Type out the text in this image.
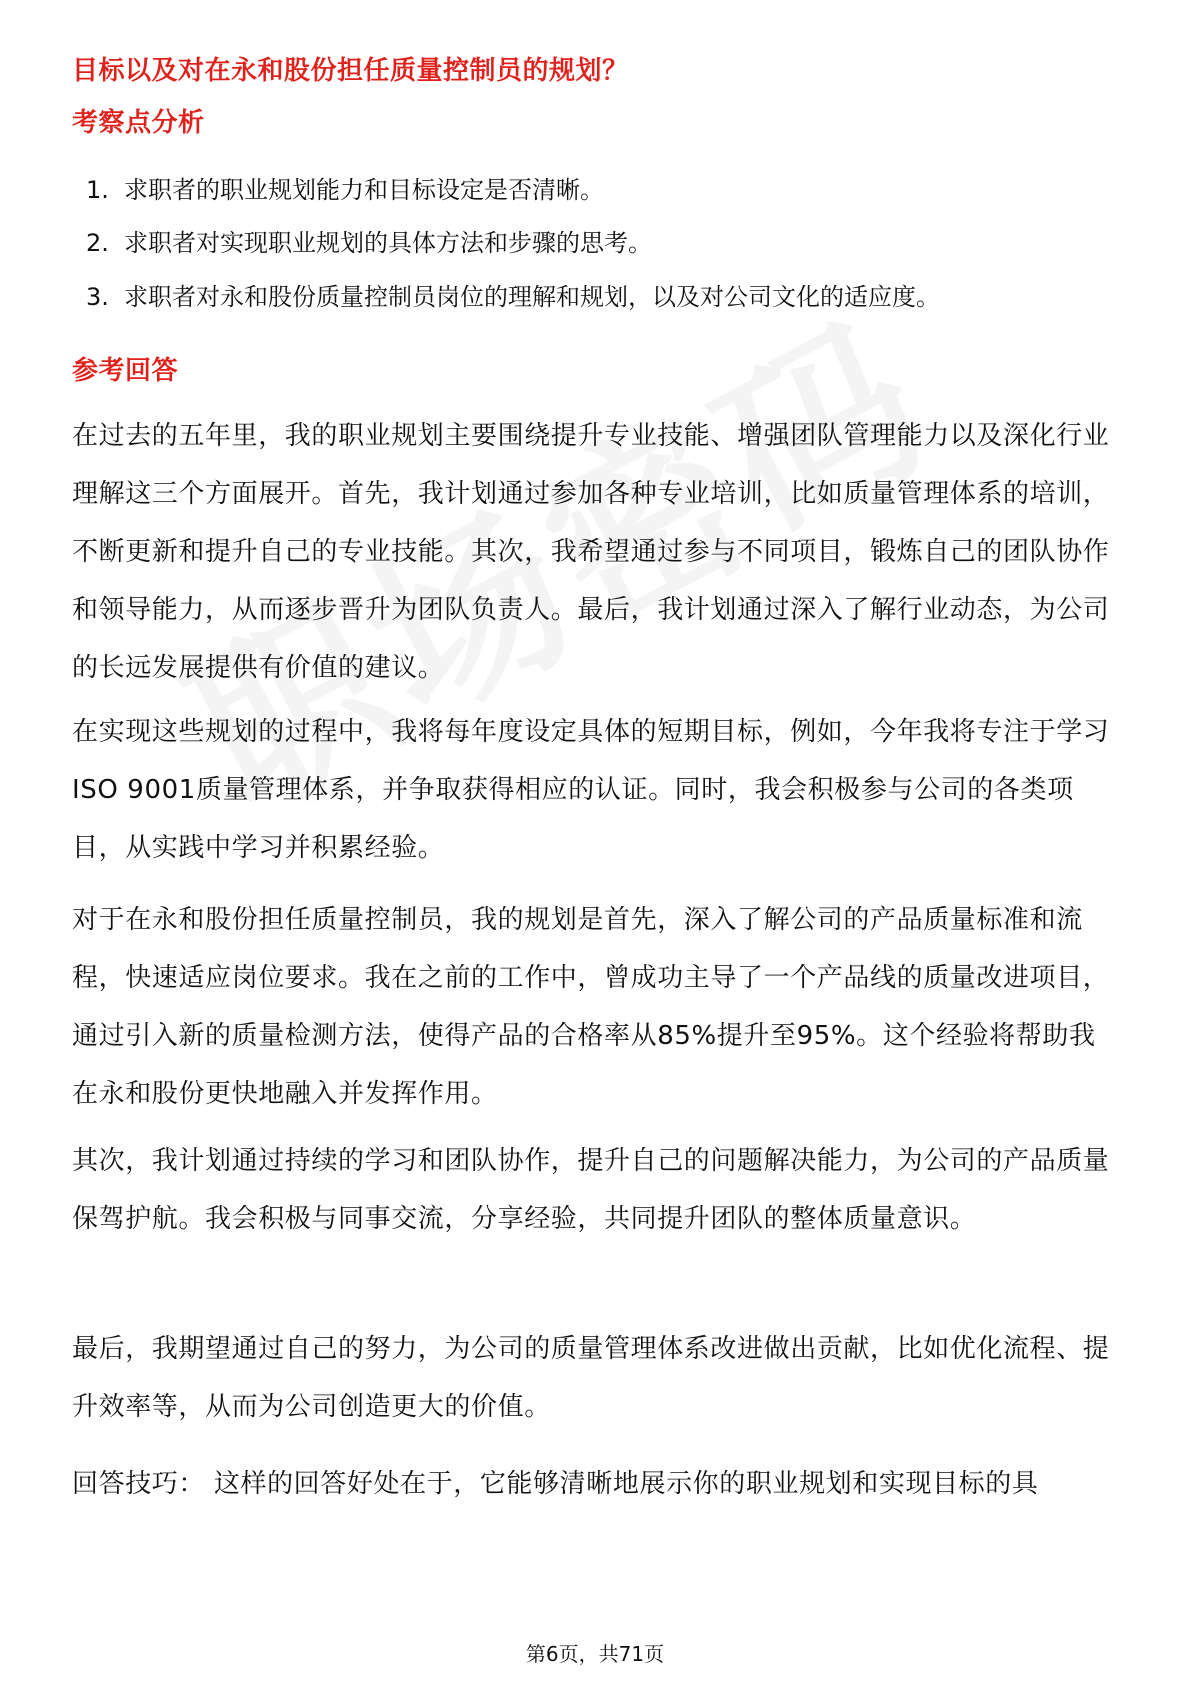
目标以及对在永和股份担任质量控制员的规划？
考察点分析
1. 求职者的职业规划能力和目标设定是否清晰。
2. 求职者对实现职业规划的具体方法和步骤的思考。
3. 求职者对永和股份质量控制员岗位的理解和规划，以及对公司文化的适应度。
参考回答

在过去的五年里，我的职业规划主要围绕提升专业技能、增强团队管理能力以及深化行业理解这三个方面展开。首先，我计划通过参加各种专业培训，比如质量管理体系的培训，不断更新和提升自己的专业技能。其次，我希望通过参与不同项目，锻炼自己的团队协作和领导能力，从而逐步晋升为团队负责人。最后，我计划通过深入了解行业动态，为公司的长远发展提供有价值的建议。

在实现这些规划的过程中，我将每年度设定具体的短期目标，例如，今年我将专注于学习ISO 9001质量管理体系，并争取获得相应的认证。同时，我会积极参与公司的各类项目，从实践中学习并积累经验。

对于在永和股份担任质量控制员，我的规划是首先，深入了解公司的产品质量标准和流程，快速适应岗位要求。我在之前的工作中，曾成功主导了一个产品线的质量改进项目，通过引入新的质量检测方法，使得产品的合格率从85%提升至95%。这个经验将帮助我在永和股份更快地融入并发挥作用。

其次，我计划通过持续的学习和团队协作，提升自己的问题解决能力，为公司的产品质量保驾护航。我会积极与同事交流，分享经验，共同提升团队的整体质量意识。

最后，我期望通过自己的努力，为公司的质量管理体系改进做出贡献，比如优化流程、提升效率等，从而为公司创造更大的价值。

回答技巧： 这样的回答好处在于，它能够清晰地展示你的职业规划和实现目标的具

第6页，共71页
